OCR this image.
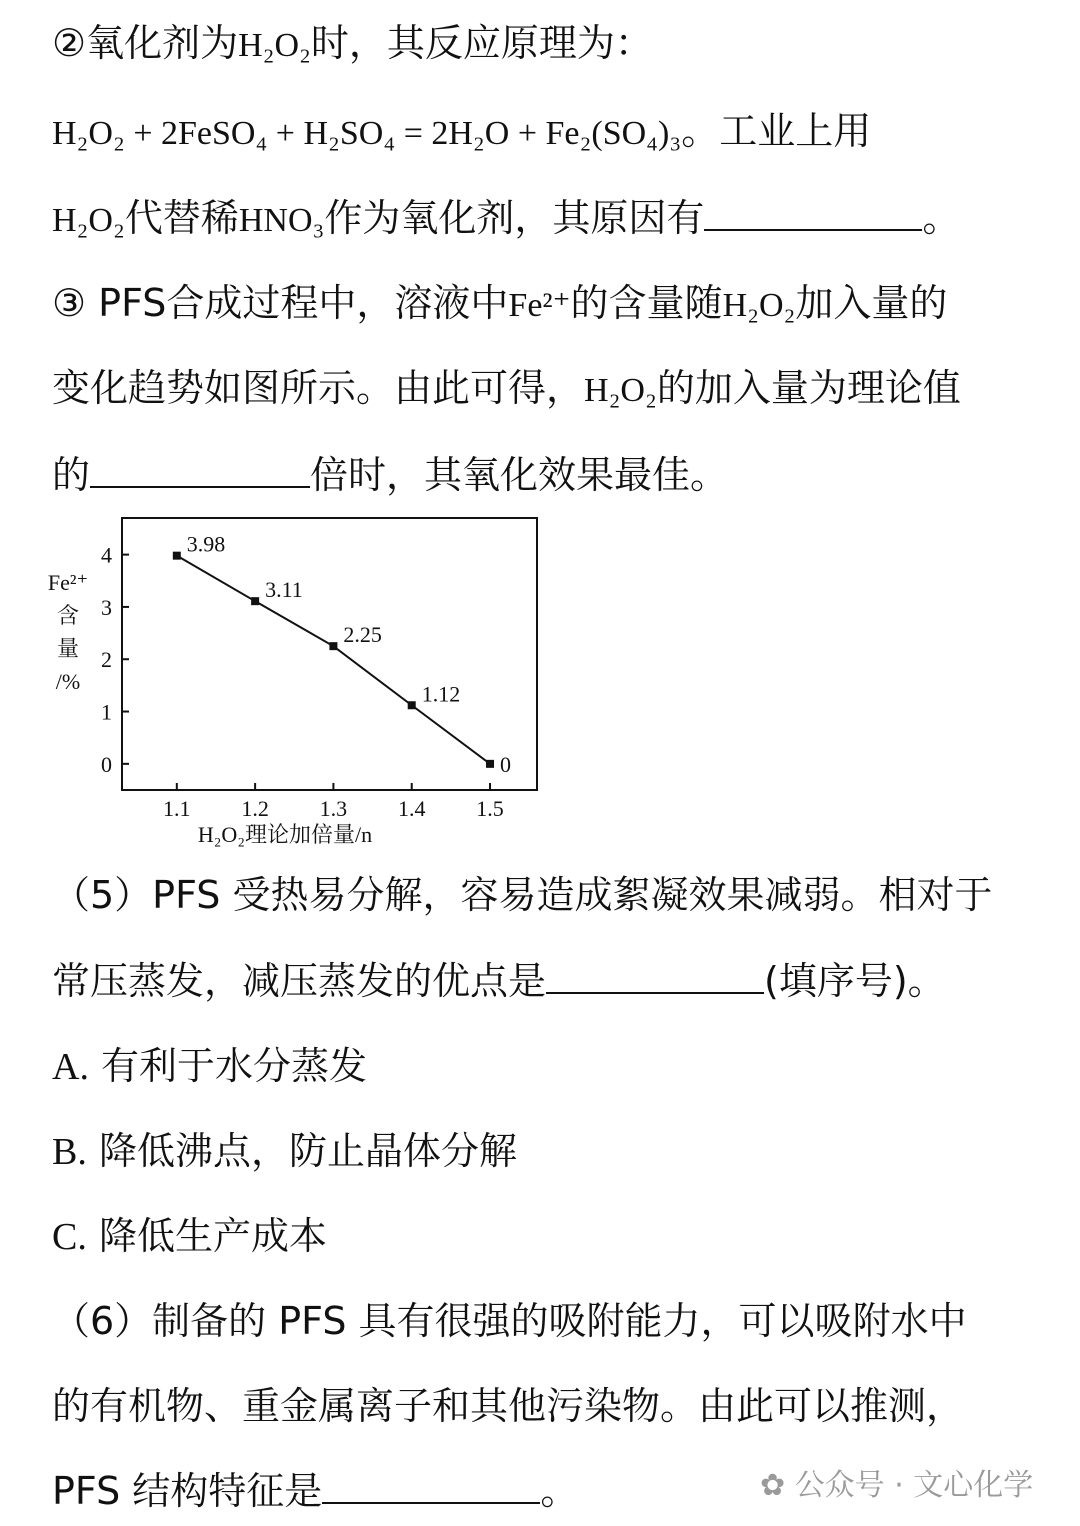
②氧化剂为H₂O₂时，其反应原理为：
H₂O₂ + 2FeSO₄ + H₂SO₄ = 2H₂O + Fe₂(SO₄)₃。工业上用
H₂O₂代替稀HNO₃作为氧化剂，其原因有	。
③ PFS合成过程中，溶液中Fe²⁺的含量随H₂O₂加入量的
变化趋势如图所示。由此可得，H₂O₂的加入量为理论值
的	倍时，其氧化效果最佳。
Fe²⁺
含
量
/%
0
1
2
3
4
1.1 1.2 1.3 1.4 1.5
3.98
3.11
2.25
1.12
0
H₂O₂理论加倍量/n
（5）PFS 受热易分解，容易造成絮凝效果减弱。相对于
常压蒸发，减压蒸发的优点是	(填序号)。
A. 有利于水分蒸发
B. 降低沸点，防止晶体分解
C. 降低生产成本
（6）制备的 PFS 具有很强的吸附能力，可以吸附水中
的有机物、重金属离子和其他污染物。由此可以推测，
PFS 结构特征是	。	✿ 公众号 · 文心化学
